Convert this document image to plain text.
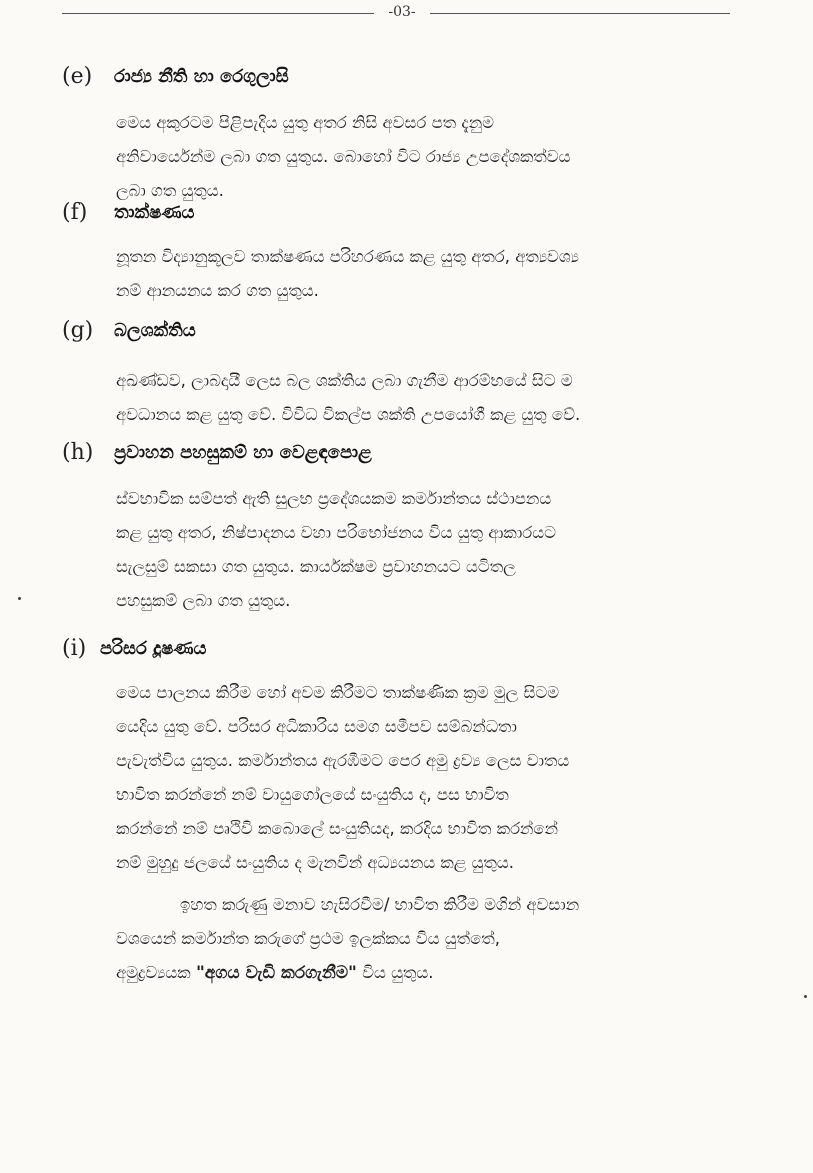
-03-
(e) රාජ්‍ය නීති හා රෙගුලාසි
මෙය අකුරටම පිළිපැදිය යුතු අතර නිසි අවසර පත දැනුම
අනිවාර්යෙන්ම ලබා ගත යුතුය. බොහෝ විට රාජ්‍ය උපදේශකත්වය
ලබා ගත යුතුය.
(f) තාක්ෂණය
නූතන විද්‍යානුකූලව තාක්ෂණය පරිහරණය කළ යුතු අතර, අත්‍යවශ්‍ය
නම් ආනයනය කර ගත යුතුය.
(g) බලශක්තිය
අඛණ්ඩව, ලාබදායී ලෙස බල ශක්තිය ලබා ගැනීම ආරම්භයේ සිට ම
අවධානය කළ යුතු වේ. විවිධ විකල්ප ශක්ති උපයෝගී කළ යුතු වේ.
(h) ප්‍රවාහන පහසුකම් හා වෙළඳපොළ
ස්වභාවික සම්පත් ඇති සුලභ ප්‍රදේශයකම කර්මාන්තය ස්ථාපනය
කළ යුතු අතර, නිෂ්පාදනය වහා පරිභෝජනය විය යුතු ආකාරයට
සැලසුම් සකසා ගත යුතුය. කාර්යක්ෂම ප්‍රවාහනයට යටිතල
පහසුකම් ලබා ගත යුතුය.
(i) පරිසර දූෂණය
මෙය පාලනය කිරීම හෝ අවම කිරීමට තාක්ෂණික ක්‍රම මුල සිටම
යෙදිය යුතු වේ. පරිසර අධිකාරිය සමග සමීපව සම්බන්ධතා
පැවැත්විය යුතුය. කර්මාන්තය ඇරඹීමට පෙර අමු ද්‍රව්‍ය ලෙස වාතය
භාවිත කරන්නේ නම් වායුගෝලයේ සංයුතිය ද, පස භාවිත
කරන්නේ නම් පෘථිවි කබොලේ සංයුතියද, කරදිය භාවිත කරන්නේ
නම් මුහුදු ජලයේ සංයුතිය ද මැනවින් අධ්‍යයනය කළ යුතුය.
ඉහත කරුණු මනාව හැසිරවීම/ භාවිත කිරීම මගින් අවසාන
වශයෙන් කර්මාන්ත කරුගේ ප්‍රථම ඉලක්කය විය යුත්තේ,
අමුද්‍රව්‍යයක "අගය වැඩි කරගැනීම" විය යුතුය.
